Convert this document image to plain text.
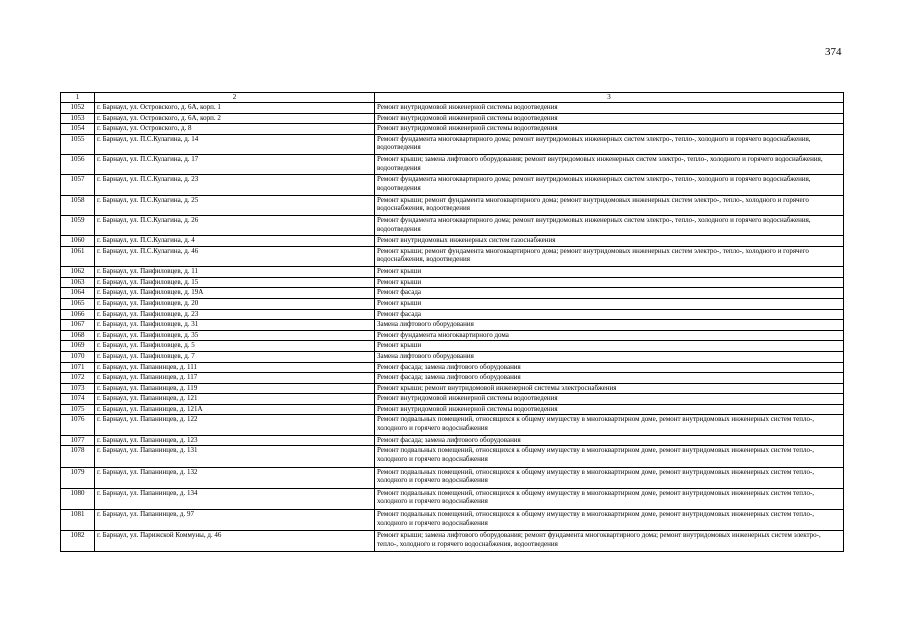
374
1	2	3
1052	г. Барнаул, ул. Островского, д. 6А, корп. 1	Ремонт внутридомовой инженерной системы водоотведения
1053	г. Барнаул, ул. Островского, д. 6А, корп. 2	Ремонт внутридомовой инженерной системы водоотведения
1054	г. Барнаул, ул. Островского, д. 8	Ремонт внутридомовой инженерной системы водоотведения
1055	г. Барнаул, ул. П.С.Кулагина, д. 14	Ремонт фундамента многоквартирного дома; ремонт внутридомовых инженерных систем электро-, тепло-, холодного и горячего водоснабжения, водоотведения
1056	г. Барнаул, ул. П.С.Кулагина, д. 17	Ремонт крыши; замена лифтового оборудования; ремонт внутридомовых инженерных систем электро-, тепло-, холодного и горячего водоснабжения, водоотведения
1057	г. Барнаул, ул. П.С.Кулагина, д. 23	Ремонт фундамента многоквартирного дома; ремонт внутридомовых инженерных систем электро-, тепло-, холодного и горячего водоснабжения, водоотведения
1058	г. Барнаул, ул. П.С.Кулагина, д. 25	Ремонт крыши; ремонт фундамента многоквартирного дома; ремонт внутридомовых инженерных систем электро-, тепло-, холодного и горячего водоснабжения, водоотведения
1059	г. Барнаул, ул. П.С.Кулагина, д. 26	Ремонт фундамента многоквартирного дома; ремонт внутридомовых инженерных систем электро-, тепло-, холодного и горячего водоснабжения, водоотведения
1060	г. Барнаул, ул. П.С.Кулагина, д. 4	Ремонт внутридомовых инженерных систем газоснабжения
1061	г. Барнаул, ул. П.С.Кулагина, д. 46	Ремонт крыши; ремонт фундамента многоквартирного дома; ремонт внутридомовых инженерных систем электро-, тепло-, холодного и горячего водоснабжения, водоотведения
1062	г. Барнаул, ул. Панфиловцев, д. 11	Ремонт крыши
1063	г. Барнаул, ул. Панфиловцев, д. 15	Ремонт крыши
1064	г. Барнаул, ул. Панфиловцев, д. 19А	Ремонт фасада
1065	г. Барнаул, ул. Панфиловцев, д. 20	Ремонт крыши
1066	г. Барнаул, ул. Панфиловцев, д. 23	Ремонт фасада
1067	г. Барнаул, ул. Панфиловцев, д. 31	Замена лифтового оборудования
1068	г. Барнаул, ул. Панфиловцев, д. 35	Ремонт фундамента многоквартирного дома
1069	г. Барнаул, ул. Панфиловцев, д. 5	Ремонт крыши
1070	г. Барнаул, ул. Панфиловцев, д. 7	Замена лифтового оборудования
1071	г. Барнаул, ул. Папанинцев, д. 111	Ремонт фасада; замена лифтового оборудования
1072	г. Барнаул, ул. Папанинцев, д. 117	Ремонт фасада; замена лифтового оборудования
1073	г. Барнаул, ул. Папанинцев, д. 119	Ремонт крыши; ремонт внутридомовой инженерной системы электроснабжения
1074	г. Барнаул, ул. Папанинцев, д. 121	Ремонт внутридомовой инженерной системы водоотведения
1075	г. Барнаул, ул. Папанинцев, д. 121А	Ремонт внутридомовой инженерной системы водоотведения
1076	г. Барнаул, ул. Папанинцев, д. 122	Ремонт подвальных помещений, относящихся к общему имуществу в многоквартирном доме, ремонт внутридомовых инженерных систем тепло-, холодного и горячего водоснабжения
1077	г. Барнаул, ул. Папанинцев, д. 123	Ремонт фасада; замена лифтового оборудования
1078	г. Барнаул, ул. Папанинцев, д. 131	Ремонт подвальных помещений, относящихся к общему имуществу в многоквартирном доме, ремонт внутридомовых инженерных систем тепло-, холодного и горячего водоснабжения
1079	г. Барнаул, ул. Папанинцев, д. 132	Ремонт подвальных помещений, относящихся к общему имуществу в многоквартирном доме, ремонт внутридомовых инженерных систем тепло-, холодного и горячего водоснабжения
1080	г. Барнаул, ул. Папанинцев, д. 134	Ремонт подвальных помещений, относящихся к общему имуществу в многоквартирном доме, ремонт внутридомовых инженерных систем тепло-, холодного и горячего водоснабжения
1081	г. Барнаул, ул. Папанинцев, д. 97	Ремонт подвальных помещений, относящихся к общему имуществу в многоквартирном доме, ремонт внутридомовых инженерных систем тепло-, холодного и горячего водоснабжения
1082	г. Барнаул, ул. Парижской Коммуны, д. 46	Ремонт крыши; замена лифтового оборудования; ремонт фундамента многоквартирного дома; ремонт внутридомовых инженерных систем электро-, тепло-, холодного и горячего водоснабжения, водоотведения
